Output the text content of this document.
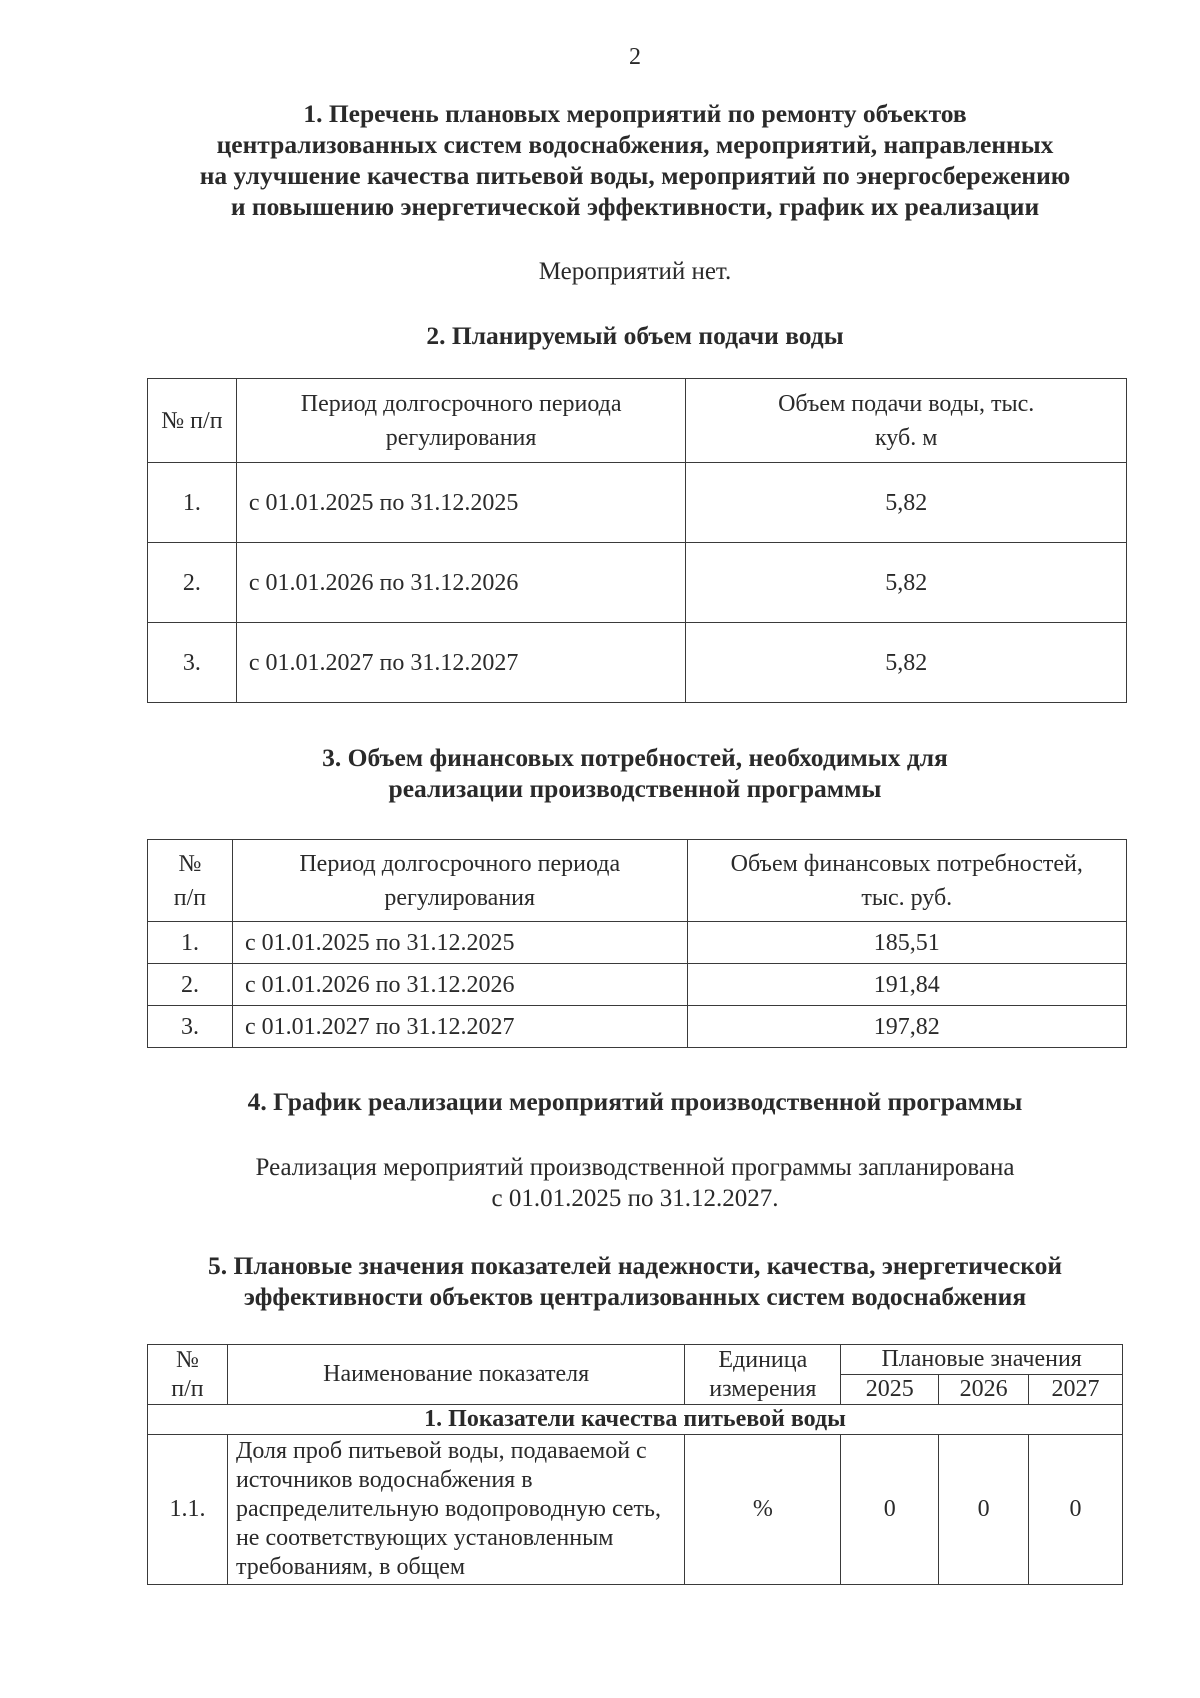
2
1. Перечень плановых мероприятий по ремонту объектов
централизованных систем водоснабжения, мероприятий, направленных
на улучшение качества питьевой воды, мероприятий по энергосбережению
и повышению энергетической эффективности, график их реализации
Мероприятий нет.
2. Планируемый объем подачи воды
№ п/п	Период долгосрочного периода регулирования	Объем подачи воды, тыс. куб. м
1.	с 01.01.2025 по 31.12.2025	5,82
2.	с 01.01.2026 по 31.12.2026	5,82
3.	с 01.01.2027 по 31.12.2027	5,82
3. Объем финансовых потребностей, необходимых для
реализации производственной программы
№ п/п	Период долгосрочного периода регулирования	Объем финансовых потребностей, тыс. руб.
1.	с 01.01.2025 по 31.12.2025	185,51
2.	с 01.01.2026 по 31.12.2026	191,84
3.	с 01.01.2027 по 31.12.2027	197,82
4. График реализации мероприятий производственной программы
Реализация мероприятий производственной программы запланирована
с 01.01.2025 по 31.12.2027.
5. Плановые значения показателей надежности, качества, энергетической
эффективности объектов централизованных систем водоснабжения
№ п/п	Наименование показателя	Единица измерения	Плановые значения		
			2025	2026	2027
1. Показатели качества питьевой воды					
1.1.	Доля проб питьевой воды, подаваемой с источников водоснабжения в распределительную водопроводную сеть, не соответствующих установленным требованиям, в общем	%	0	0	0
